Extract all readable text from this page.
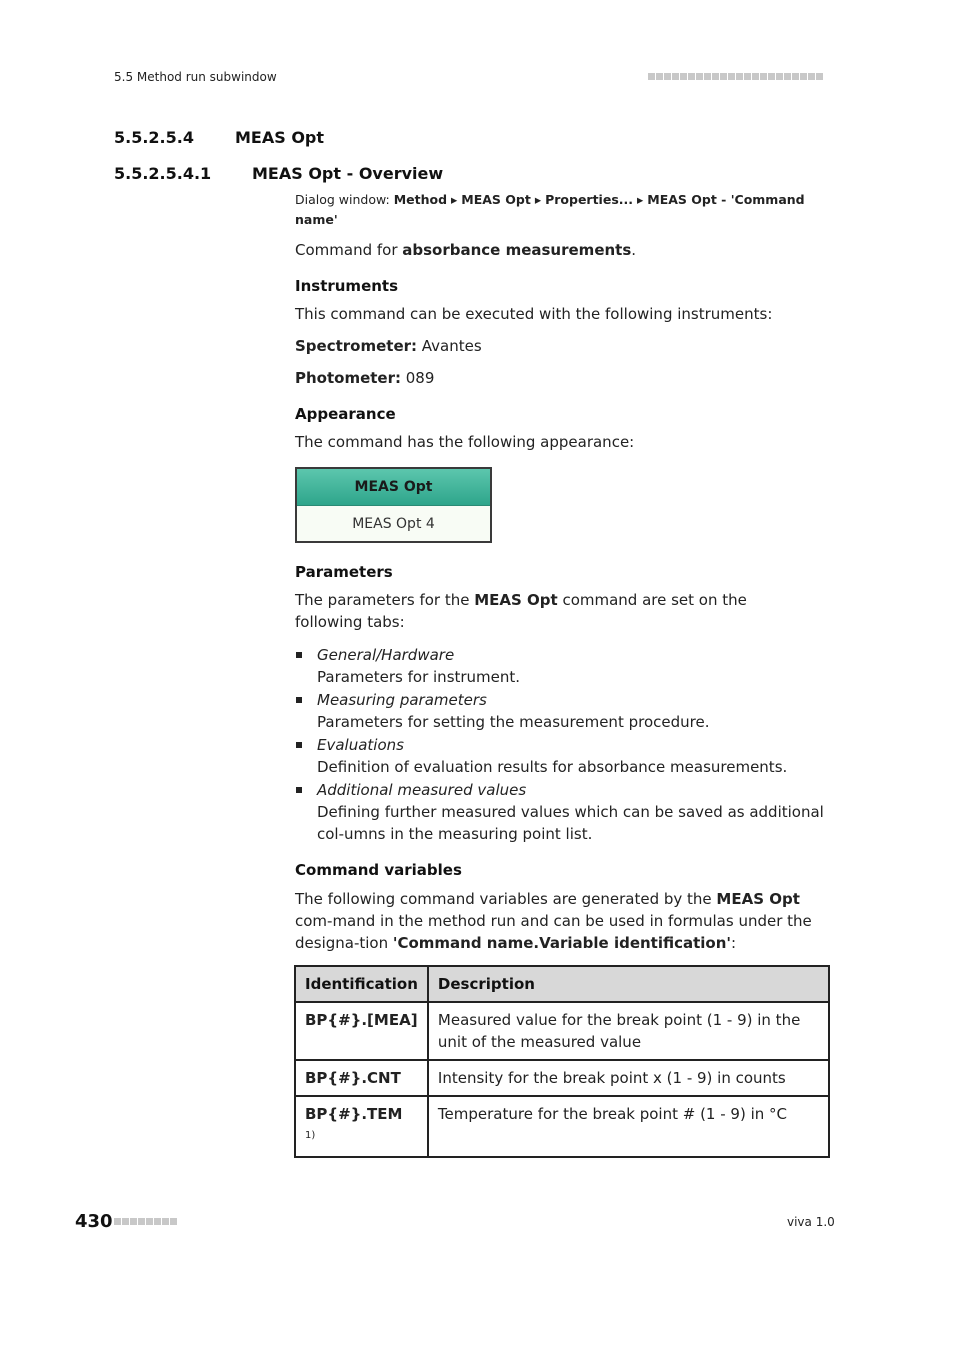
5.5 Method run subwindow
5.5.2.5.4	MEAS Opt
5.5.2.5.4.1	MEAS Opt - Overview
Dialog window: Method ▸ MEAS Opt ▸ Properties... ▸ MEAS Opt - 'Command name'

Command for absorbance measurements.

Instruments

This command can be executed with the following instruments:

Spectrometer: Avantes

Photometer: 089

Appearance

The command has the following appearance:

MEAS Opt
MEAS Opt 4
Parameters

The parameters for the MEAS Opt command are set on the following tabs:

General/Hardware
Parameters for instrument.
Measuring parameters
Parameters for setting the measurement procedure.
Evaluations
Definition of evaluation results for absorbance measurements.
Additional measured values
Defining further measured values which can be saved as additional col-umns in the measuring point list.
Command variables

The following command variables are generated by the MEAS Opt com-mand in the method run and can be used in formulas under the designa-tion 'Command name.Variable identification':

Identification	Description
BP{#}.[MEA]	Measured value for the break point (1 - 9) in the unit of the measured value
BP{#}.CNT	Intensity for the break point x (1 - 9) in counts
BP{#}.TEM $^{1)}$	Temperature for the break point # (1 - 9) in °C
430	viva 1.0
